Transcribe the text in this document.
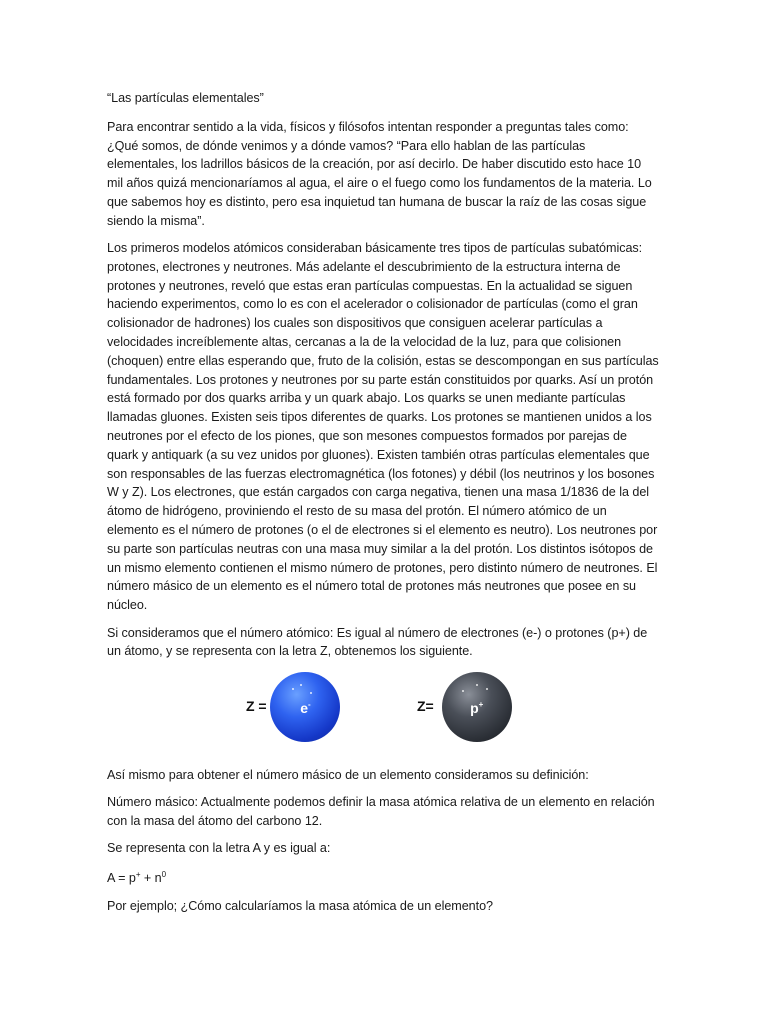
“Las partículas elementales”

Para encontrar sentido a la vida, físicos y filósofos intentan responder a preguntas tales como: ¿Qué somos, de dónde venimos y a dónde vamos? “Para ello hablan de las partículas elementales, los ladrillos básicos de la creación, por así decirlo. De haber discutido esto hace 10 mil años quizá mencionaríamos al agua, el aire o el fuego como los fundamentos de la materia. Lo que sabemos hoy es distinto, pero esa inquietud tan humana de buscar la raíz de las cosas sigue siendo la misma”.

Los primeros modelos atómicos consideraban básicamente tres tipos de partículas subatómicas: protones, electrones y neutrones. Más adelante el descubrimiento de la estructura interna de protones y neutrones, reveló que estas eran partículas compuestas. En la actualidad se siguen haciendo experimentos, como lo es con el acelerador o colisionador de partículas (como el gran colisionador de hadrones) los cuales son dispositivos que consiguen acelerar partículas a velocidades increíblemente altas, cercanas a la de la velocidad de la luz, para que colisionen (choquen) entre ellas esperando que, fruto de la colisión, estas se descompongan en sus partículas fundamentales. Los protones y neutrones por su parte están constituidos por quarks. Así un protón está formado por dos quarks arriba y un quark abajo. Los quarks se unen mediante partículas llamadas gluones. Existen seis tipos diferentes de quarks. Los protones se mantienen unidos a los neutrones por el efecto de los piones, que son mesones compuestos formados por parejas de quark y antiquark (a su vez unidos por gluones). Existen también otras partículas elementales que son responsables de las fuerzas electromagnética (los fotones) y débil (los neutrinos y los bosones W y Z). Los electrones, que están cargados con carga negativa, tienen una masa 1/1836 de la del átomo de hidrógeno, proviniendo el resto de su masa del protón. El número atómico de un elemento es el número de protones (o el de electrones si el elemento es neutro). Los neutrones por su parte son partículas neutras con una masa muy similar a la del protón. Los distintos isótopos de un mismo elemento contienen el mismo número de protones, pero distinto número de neutrones. El número másico de un elemento es el número total de protones más neutrones que posee en su núcleo.

Si consideramos que el número atómico: Es igual al número de electrones (e-) o protones (p+) de un átomo, y se representa con la letra Z, obtenemos los siguiente.

Z = e-	Z=	p+

Así mismo para obtener el número másico de un elemento consideramos su definición:

Número másico: Actualmente podemos definir la masa atómica relativa de un elemento en relación con la masa del átomo del carbono 12.

Se representa con la letra A y es igual a:

$A = p^+ + n^0$

Por ejemplo; ¿Cómo calcularíamos la masa atómica de un elemento?
